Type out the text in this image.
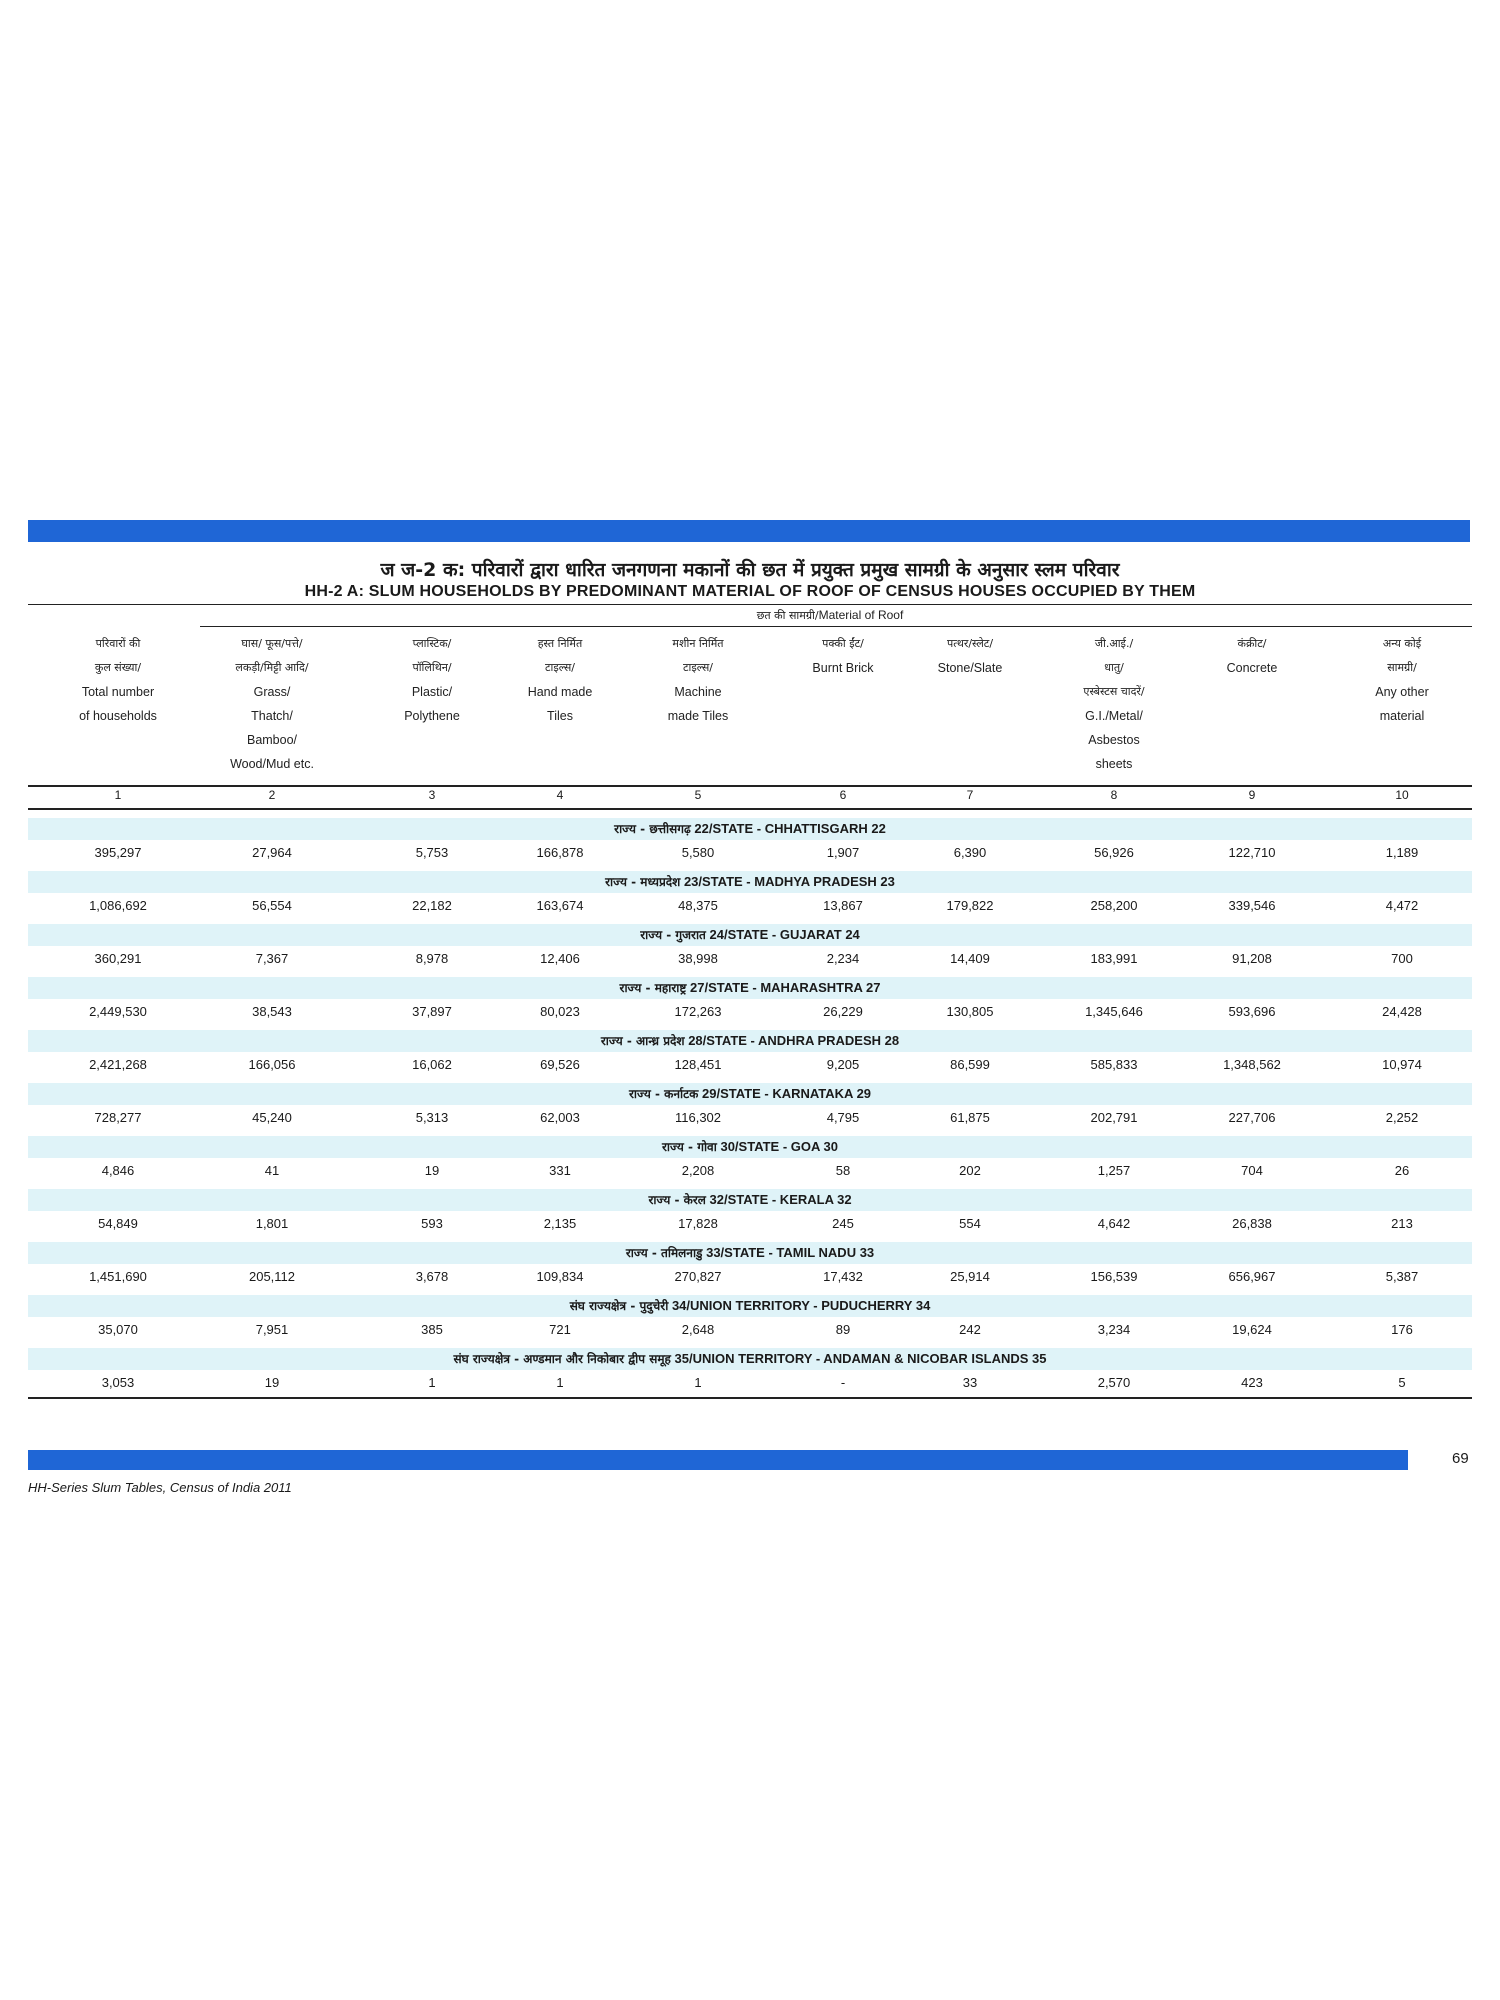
ज ज-2 क: परिवारों द्वारा धारित जनगणना मकानों की छत में प्रयुक्त प्रमुख सामग्री के अनुसार स्लम परिवार
HH-2 A: SLUM HOUSEHOLDS BY PREDOMINANT MATERIAL OF ROOF OF CENSUS HOUSES OCCUPIED BY THEM
छत की सामग्री/Material of Roof
परिवारों की
कुल संख्या/
Total number
of households
घास/ फूस/पत्ते/
लकड़ी/मिट्टी आदि/
Grass/
Thatch/
Bamboo/
Wood/Mud etc.
प्लास्टिक/
पॉलिथिन/
Plastic/
Polythene
हस्त निर्मित
टाइल्स/
Hand made
Tiles
मशीन निर्मित
टाइल्स/
Machine
made Tiles
पक्की ईंट/
Burnt Brick
पत्थर/स्लेट/
Stone/Slate
जी.आई./
धातु/
एस्बेस्टस चादरें/
G.I./Metal/
Asbestos
sheets
कंक्रीट/
Concrete
अन्य कोई
सामग्री/
Any other
material
1	2	3	4	5	6	7	8	9	10
राज्य - छत्तीसगढ़ 22/STATE - CHHATTISGARH 22
395,297	27,964	5,753	166,878	5,580	1,907	6,390	56,926	122,710	1,189
राज्य - मध्यप्रदेश 23/STATE - MADHYA PRADESH 23
1,086,692	56,554	22,182	163,674	48,375	13,867	179,822	258,200	339,546	4,472
राज्य - गुजरात 24/STATE - GUJARAT 24
360,291	7,367	8,978	12,406	38,998	2,234	14,409	183,991	91,208	700
राज्य - महाराष्ट्र 27/STATE - MAHARASHTRA 27
2,449,530	38,543	37,897	80,023	172,263	26,229	130,805	1,345,646	593,696	24,428
राज्य - आन्ध्र प्रदेश 28/STATE - ANDHRA PRADESH 28
2,421,268	166,056	16,062	69,526	128,451	9,205	86,599	585,833	1,348,562	10,974
राज्य - कर्नाटक 29/STATE - KARNATAKA 29
728,277	45,240	5,313	62,003	116,302	4,795	61,875	202,791	227,706	2,252
राज्य - गोवा 30/STATE - GOA 30
4,846	41	19	331	2,208	58	202	1,257	704	26
राज्य - केरल 32/STATE - KERALA 32
54,849	1,801	593	2,135	17,828	245	554	4,642	26,838	213
राज्य - तमिलनाडु 33/STATE - TAMIL NADU 33
1,451,690	205,112	3,678	109,834	270,827	17,432	25,914	156,539	656,967	5,387
संघ राज्यक्षेत्र - पुदुचेरी 34/UNION TERRITORY - PUDUCHERRY 34
35,070	7,951	385	721	2,648	89	242	3,234	19,624	176
संघ राज्यक्षेत्र - अण्डमान और निकोबार द्वीप समूह 35/UNION TERRITORY - ANDAMAN & NICOBAR ISLANDS 35
3,053	19	1	1	1	-	33	2,570	423	5
69
HH-Series Slum Tables, Census of India 2011
